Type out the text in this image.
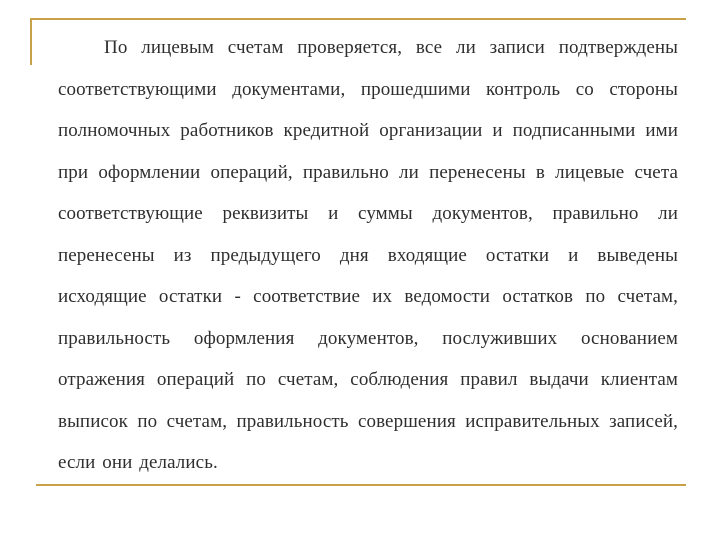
По лицевым счетам проверяется, все ли записи подтверждены соответствующими документами, прошедшими контроль со стороны полномочных работников кредитной организации и подписанными ими при оформлении операций, правильно ли перенесены в лицевые счета соответствующие реквизиты и суммы документов, правильно ли перенесены из предыдущего дня входящие остатки и выведены исходящие остатки - соответствие их ведомости остатков по счетам, правильность оформления документов, послуживших основанием отражения операций по счетам, соблюдения правил выдачи клиентам выписок по счетам, правильность совершения исправительных записей, если они делались.
